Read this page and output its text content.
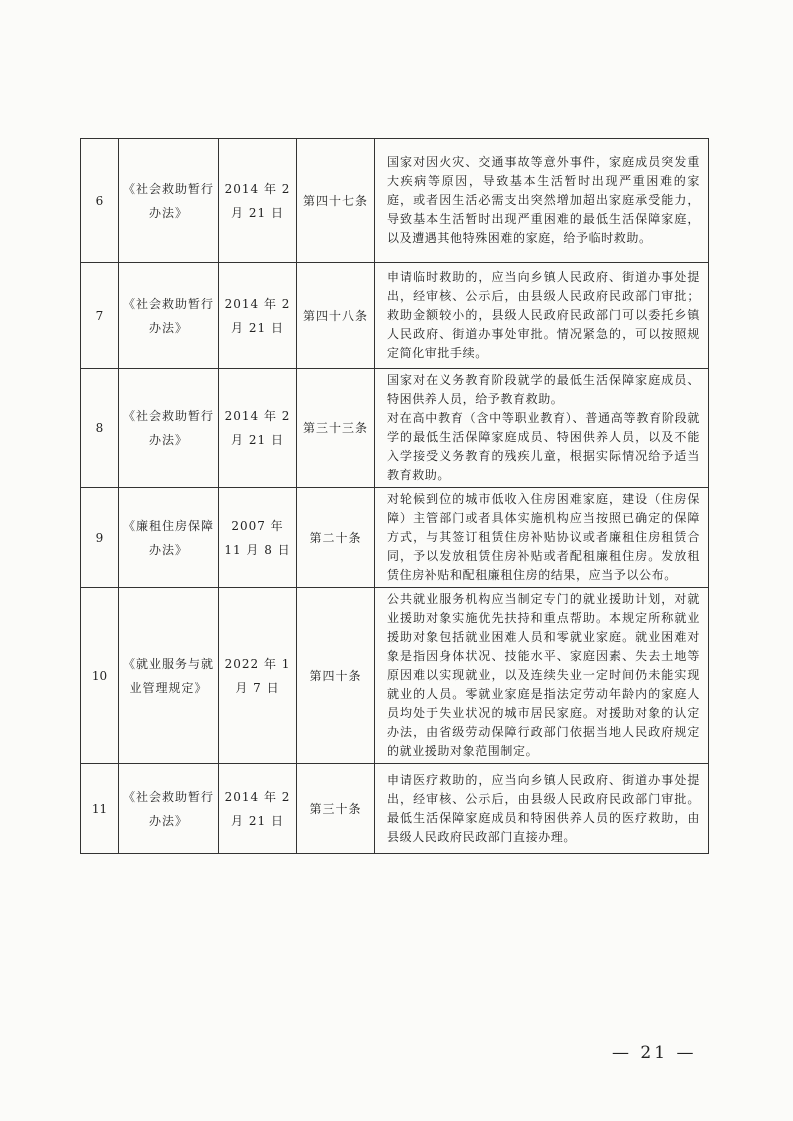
6	《社会救助暂行办法》	2014 年 2 月 21 日	第四十七条	国家对因火灾、交通事故等意外事件，家庭成员突发重大疾病等原因，导致基本生活暂时出现严重困难的家庭，或者因生活必需支出突然增加超出家庭承受能力，导致基本生活暂时出现严重困难的最低生活保障家庭，以及遭遇其他特殊困难的家庭，给予临时救助。
7	《社会救助暂行办法》	2014 年 2 月 21 日	第四十八条	申请临时救助的，应当向乡镇人民政府、街道办事处提出，经审核、公示后，由县级人民政府民政部门审批；救助金额较小的，县级人民政府民政部门可以委托乡镇人民政府、街道办事处审批。情况紧急的，可以按照规定简化审批手续。
8	《社会救助暂行办法》	2014 年 2 月 21 日	第三十三条	国家对在义务教育阶段就学的最低生活保障家庭成员、特困供养人员，给予教育救助。
对在高中教育（含中等职业教育）、普通高等教育阶段就学的最低生活保障家庭成员、特困供养人员，以及不能入学接受义务教育的残疾儿童，根据实际情况给予适当教育救助。
9	《廉租住房保障办法》	2007 年 11 月 8 日	第二十条	对轮候到位的城市低收入住房困难家庭，建设（住房保障）主管部门或者具体实施机构应当按照已确定的保障方式，与其签订租赁住房补贴协议或者廉租住房租赁合同，予以发放租赁住房补贴或者配租廉租住房。发放租赁住房补贴和配租廉租住房的结果，应当予以公布。
10	《就业服务与就业管理规定》	2022 年 1 月 7 日	第四十条	公共就业服务机构应当制定专门的就业援助计划，对就业援助对象实施优先扶持和重点帮助。本规定所称就业援助对象包括就业困难人员和零就业家庭。就业困难对象是指因身体状况、技能水平、家庭因素、失去土地等原因难以实现就业，以及连续失业一定时间仍未能实现就业的人员。零就业家庭是指法定劳动年龄内的家庭人员均处于失业状况的城市居民家庭。对援助对象的认定办法，由省级劳动保障行政部门依据当地人民政府规定的就业援助对象范围制定。
11	《社会救助暂行办法》	2014 年 2 月 21 日	第三十条	申请医疗救助的，应当向乡镇人民政府、街道办事处提出，经审核、公示后，由县级人民政府民政部门审批。最低生活保障家庭成员和特困供养人员的医疗救助，由县级人民政府民政部门直接办理。
— 21 —
